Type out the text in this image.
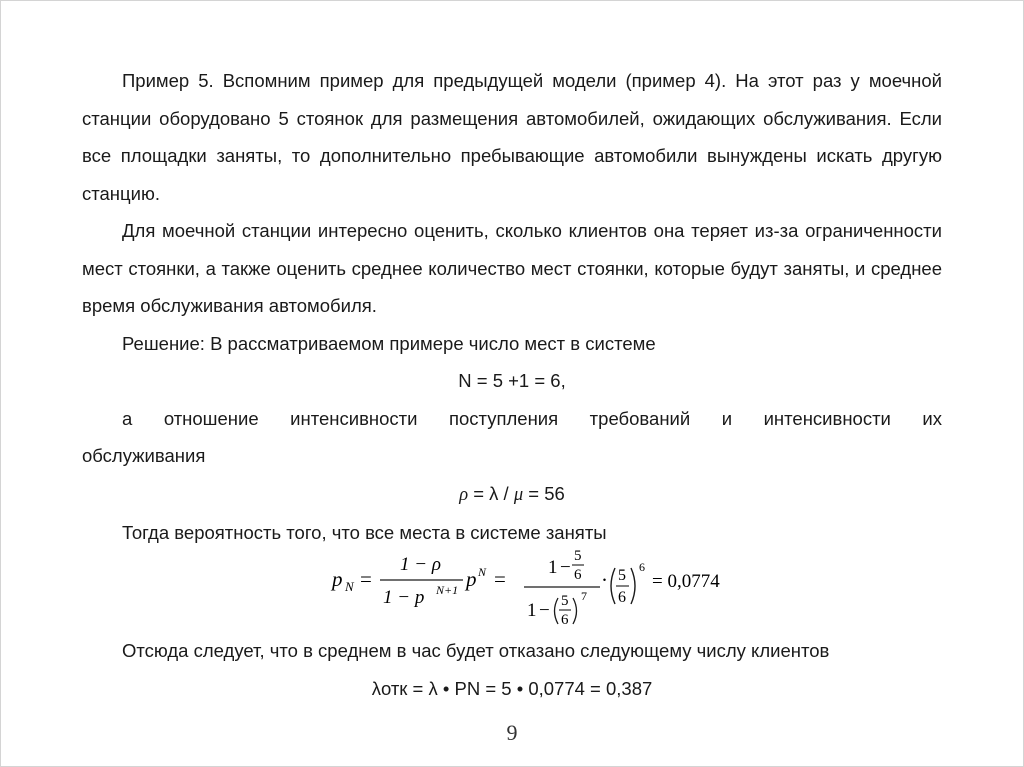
Пример 5. Вспомним пример для предыдущей модели (пример 4). На этот раз у моечной станции оборудовано 5 стоянок для размещения автомобилей, ожидающих обслуживания. Если все площадки заняты, то дополнительно пребывающие автомобили вынуждены искать другую станцию.

Для моечной станции интересно оценить, сколько клиентов она теряет из-за ограниченности мест стоянки, а также оценить среднее количество мест стоянки, которые будут заняты, и среднее время обслуживания автомобиля.

Решение: В рассматриваемом примере число мест в системе

N = 5 +1 = 6,

а отношение интенсивности поступления требований и интенсивности их

обслуживания

ρ = λ / μ = 56

Тогда вероятность того, что все места в системе заняты

p N =
1 − ρ
1 − p N+1 p N = 1 −
5
6
1 − 5
6
7
· 5
6
6
= 0,0774

Отсюда следует, что в среднем в час будет отказано следующему числу клиентов

λотк = λ • PN = 5 • 0,0774 = 0,387

9
